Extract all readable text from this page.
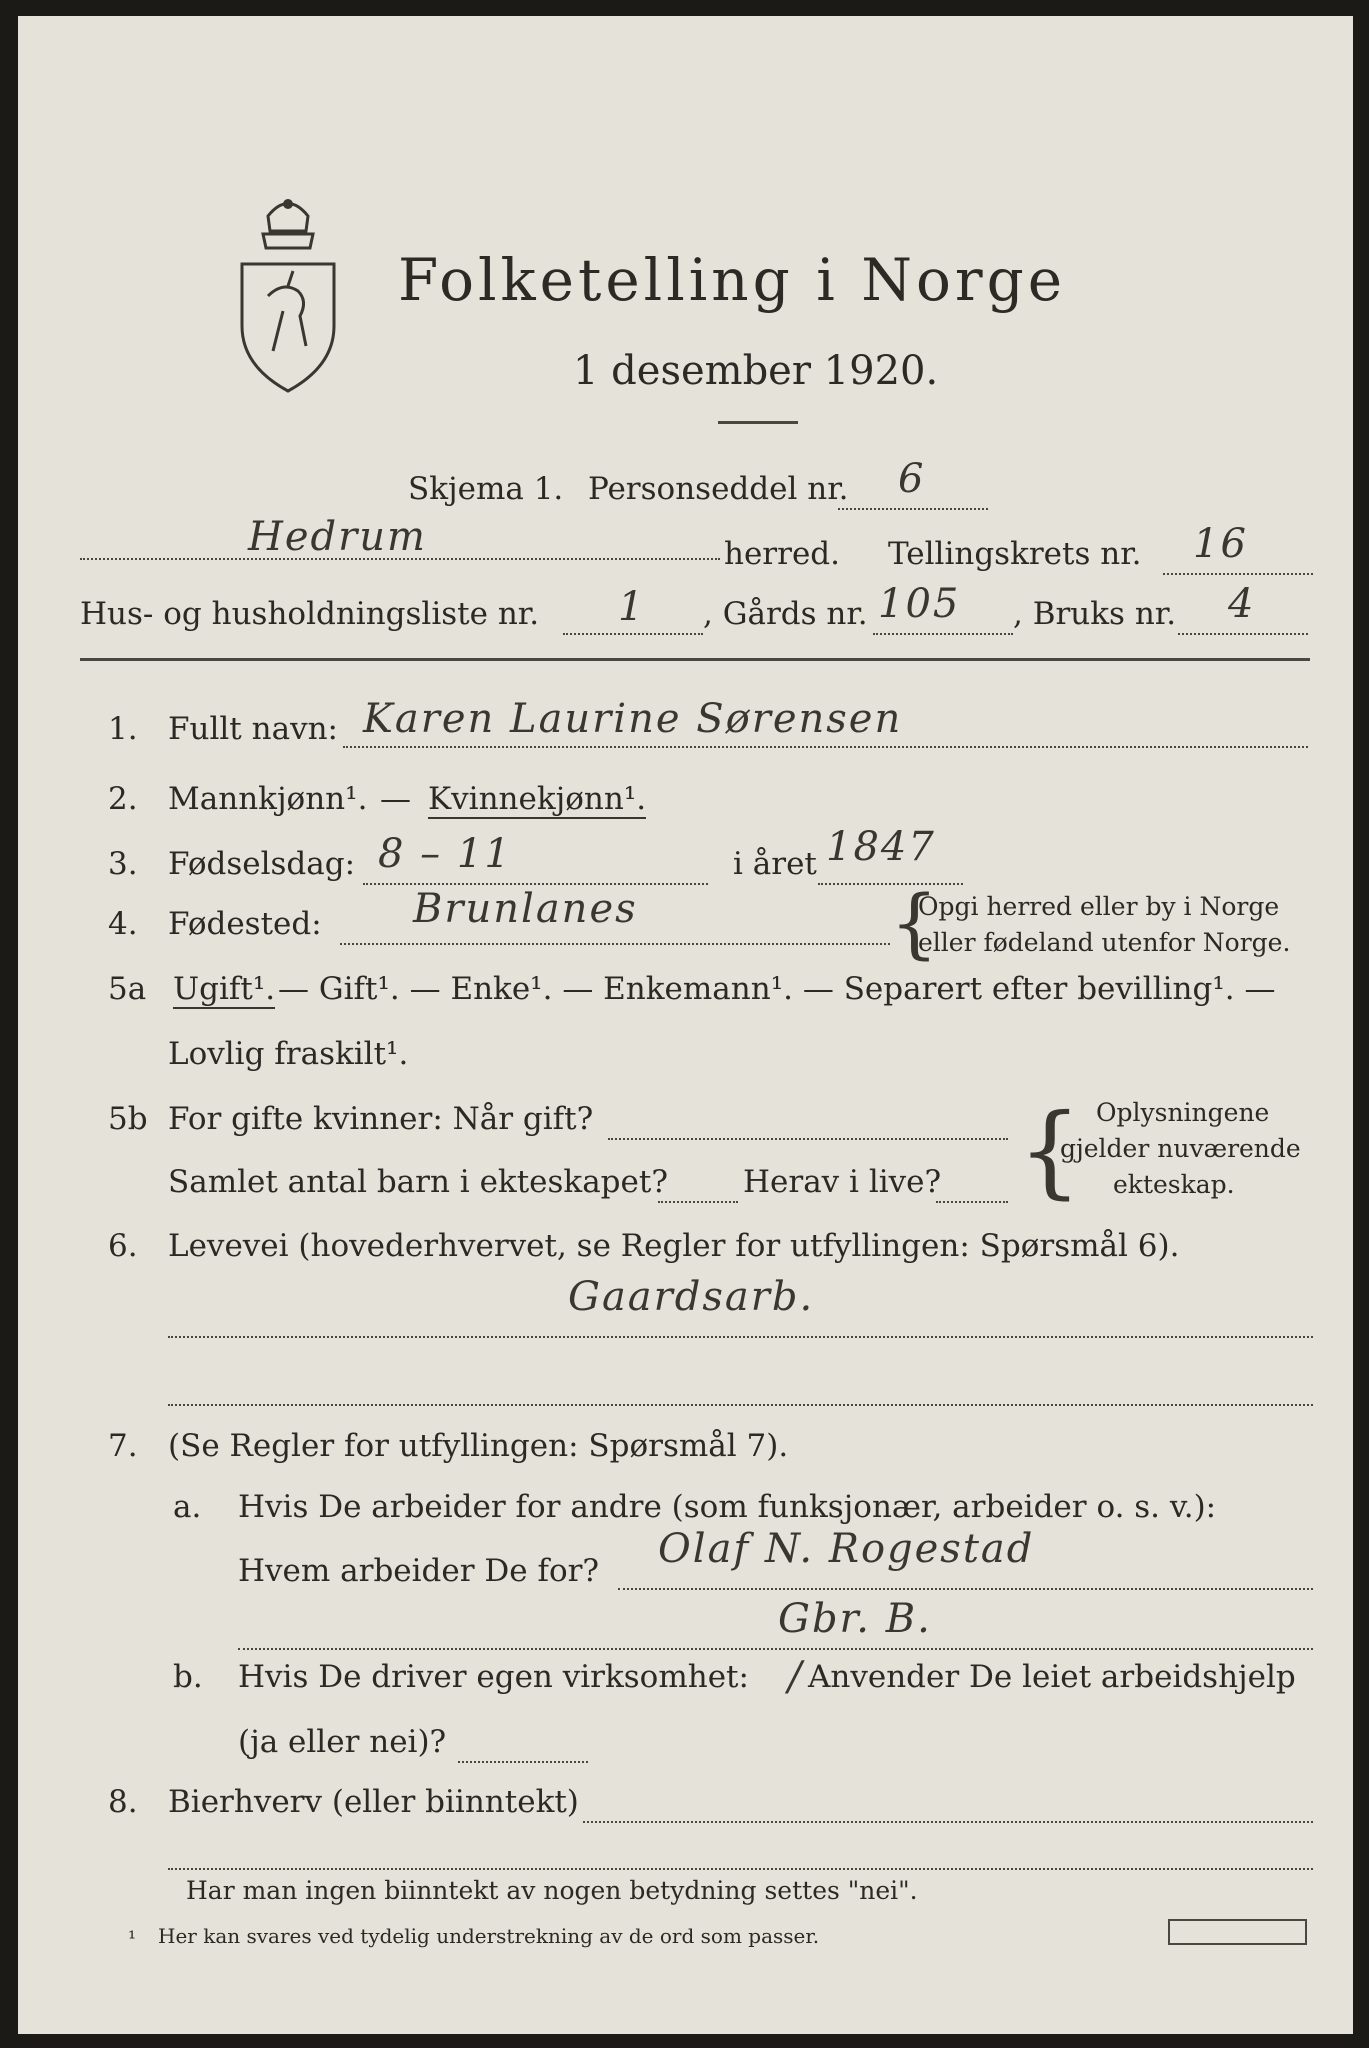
Folketelling i Norge
1 desember 1920.
Skjema 1. Personseddel nr. 6
Hedrum	herred. Tellingskrets nr. 16
Hus- og husholdningsliste nr. 1 , Gårds nr. 105 , Bruks nr. 4
1. Fullt navn: Karen Laurine Sørensen
2. Mannkjønn¹. — Kvinnekjønn¹.
3. Fødselsdag: 8 – 11	i året 1847
4. Fødested: Brunlanes	{
Opgi herred eller by i Norge
eller fødeland utenfor Norge.
5a Ugift¹. — Gift¹. — Enke¹. — Enkemann¹. — Separert efter bevilling¹. —
Lovlig fraskilt¹.
5b For gifte kvinner: Når gift?
Samlet antal barn i ekteskapet? Herav i live? { Oplysningene
gjelder nuværende
ekteskap.
6. Levevei (hovederhvervet, se Regler for utfyllingen: Spørsmål 6).
Gaardsarb.
7. (Se Regler for utfyllingen: Spørsmål 7).
a. Hvis De arbeider for andre (som funksjonær, arbeider o. s. v.):
Hvem arbeider De for? Olaf N. Rogestad
Gbr. B.
b. Hvis De driver egen virksomhet: / Anvender De leiet arbeidshjelp
(ja eller nei)?
8. Bierhverv (eller biinntekt)
Har man ingen biinntekt av nogen betydning settes "nei".
¹ Her kan svares ved tydelig understrekning av de ord som passer.
